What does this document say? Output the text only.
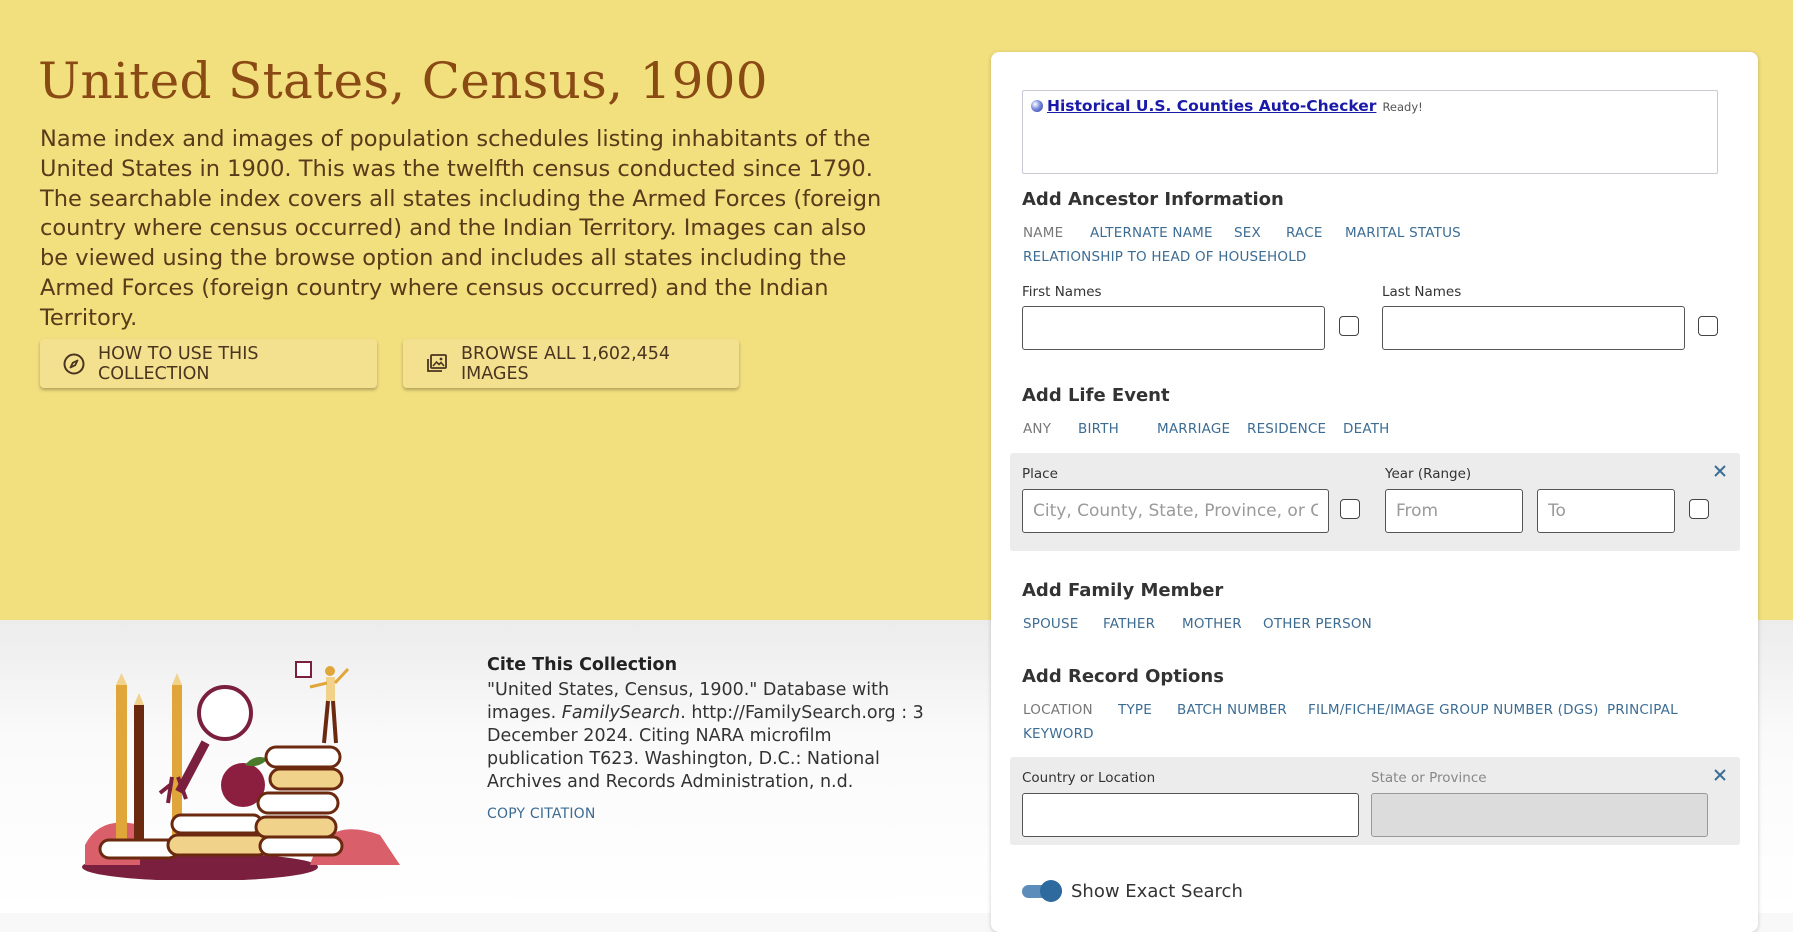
United States, Census, 1900

Name index and images of population schedules listing inhabitants of the United States in 1900. This was the twelfth census conducted since 1790. The searchable index covers all states including the Armed Forces (foreign country where census occurred) and the Indian Territory. Images can also be viewed using the browse option and includes all states including the Armed Forces (foreign country where census occurred) and the Indian Territory.

HOW TO USE THIS COLLECTION
BROWSE ALL 1,602,454 IMAGES
Cite This Collection
"United States, Census, 1900." Database with images. FamilySearch. http://FamilySearch.org : 3 December 2024. Citing NARA microfilm publication T623. Washington, D.C.: National Archives and Records Administration, n.d.
COPY CITATION
Historical U.S. Counties Auto-Checker Ready!
Add Ancestor Information
NAME ALTERNATE NAME SEX RACE MARITAL STATUS
RELATIONSHIP TO HEAD OF HOUSEHOLD
First Names	Last Names
Add Life Event
ANY BIRTH	MARRIAGE RESIDENCE DEATH
Place
City, County, State, Province, or Country	Year (Range)
From
To
Add Family Member
SPOUSE FATHER MOTHER OTHER PERSON
Add Record Options
LOCATION TYPE BATCH NUMBER FILM/FICHE/IMAGE GROUP NUMBER (DGS) PRINCIPAL
KEYWORD
Country or Location	State or Province
Show Exact Search
